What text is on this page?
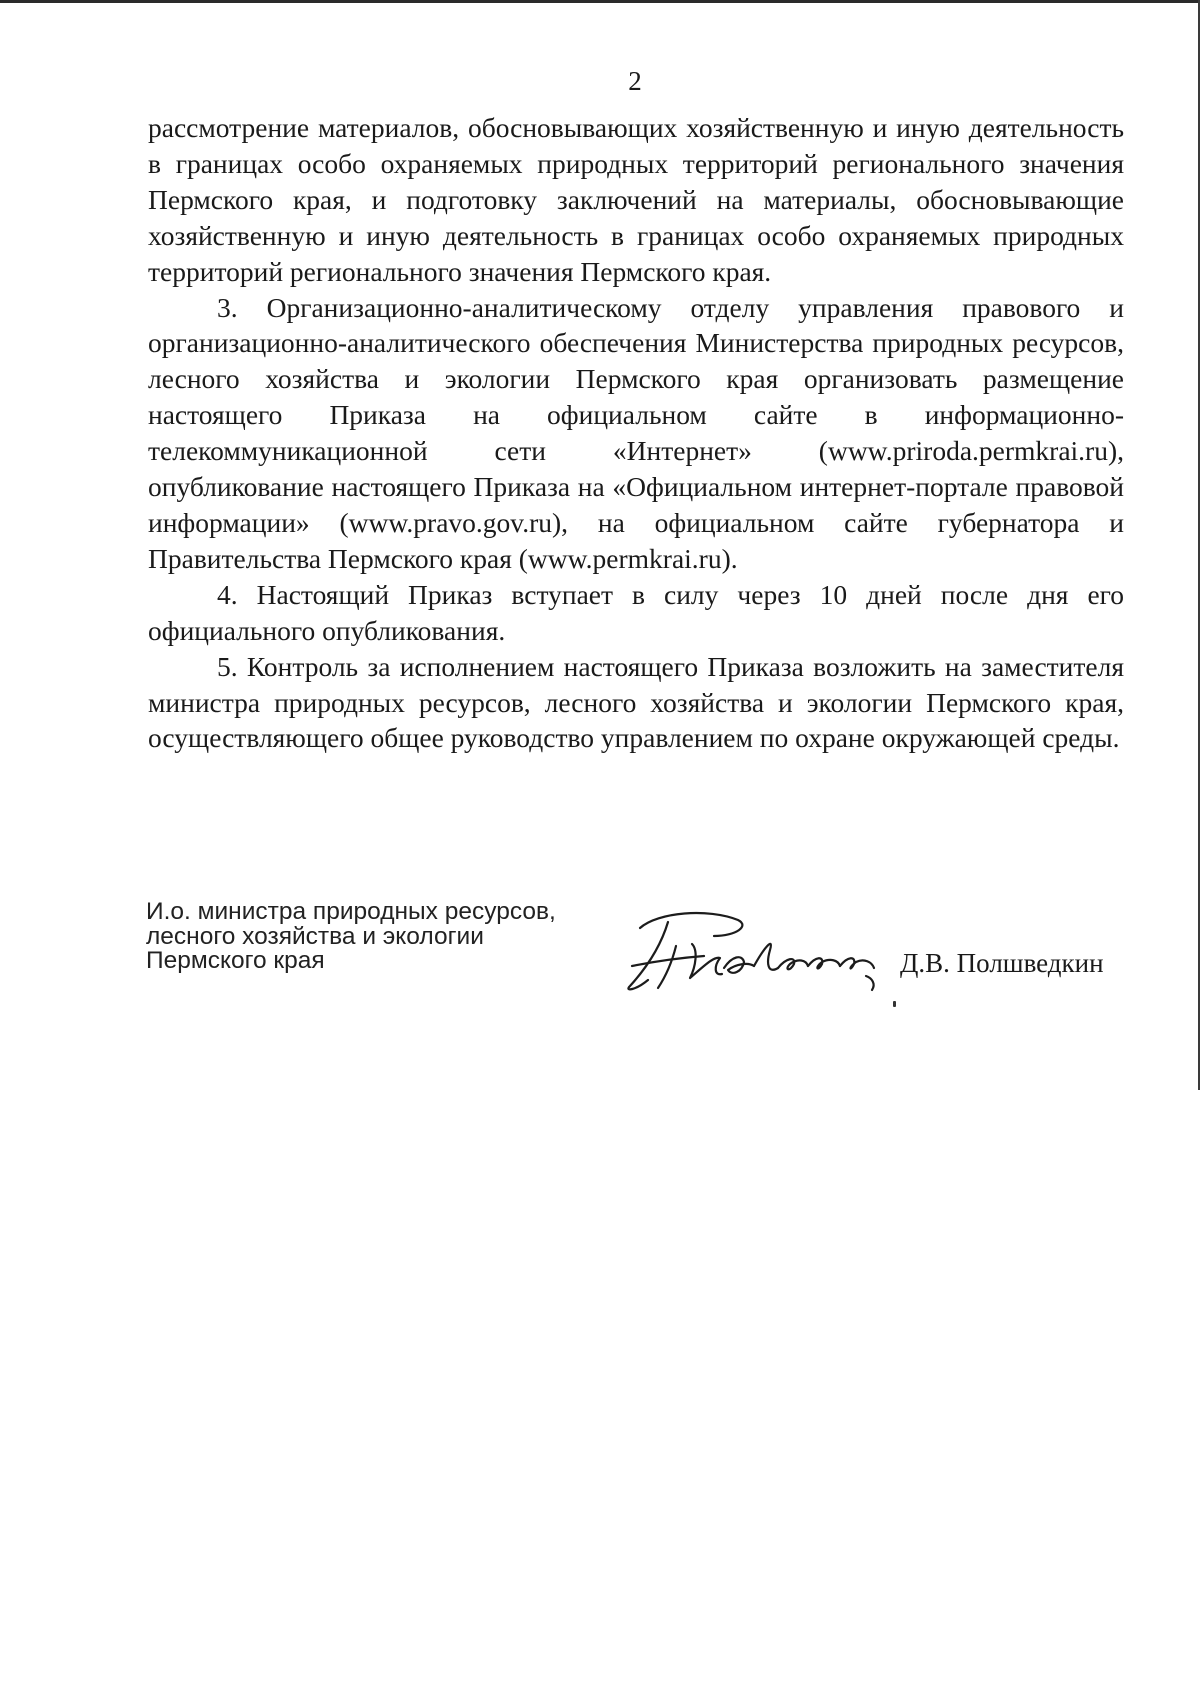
2

рассмотрение материалов, обосновывающих хозяйственную и иную деятельность в границах особо охраняемых природных территорий регионального значения Пермского края, и подготовку заключений на материалы, обосновывающие хозяйственную и иную деятельность в границах особо охраняемых природных территорий регионального значения Пермского края.

3. Организационно-аналитическому отделу управления правового и организационно-аналитического обеспечения Министерства природных ресурсов, лесного хозяйства и экологии Пермского края организовать размещение настоящего Приказа на официальном сайте в информационно-телекоммуникационной сети «Интернет» (www.priroda.permkrai.ru), опубликование настоящего Приказа на «Официальном интернет-портале правовой информации» (www.pravo.gov.ru), на официальном сайте губернатора и Правительства Пермского края (www.permkrai.ru).

4. Настоящий Приказ вступает в силу через 10 дней после дня его официального опубликования.

5. Контроль за исполнением настоящего Приказа возложить на заместителя министра природных ресурсов, лесного хозяйства и экологии Пермского края, осуществляющего общее руководство управлением по охране окружающей среды.

И.о. министра природных ресурсов,
лесного хозяйства и экологии
Пермского края	Д.В. Полшведкин
